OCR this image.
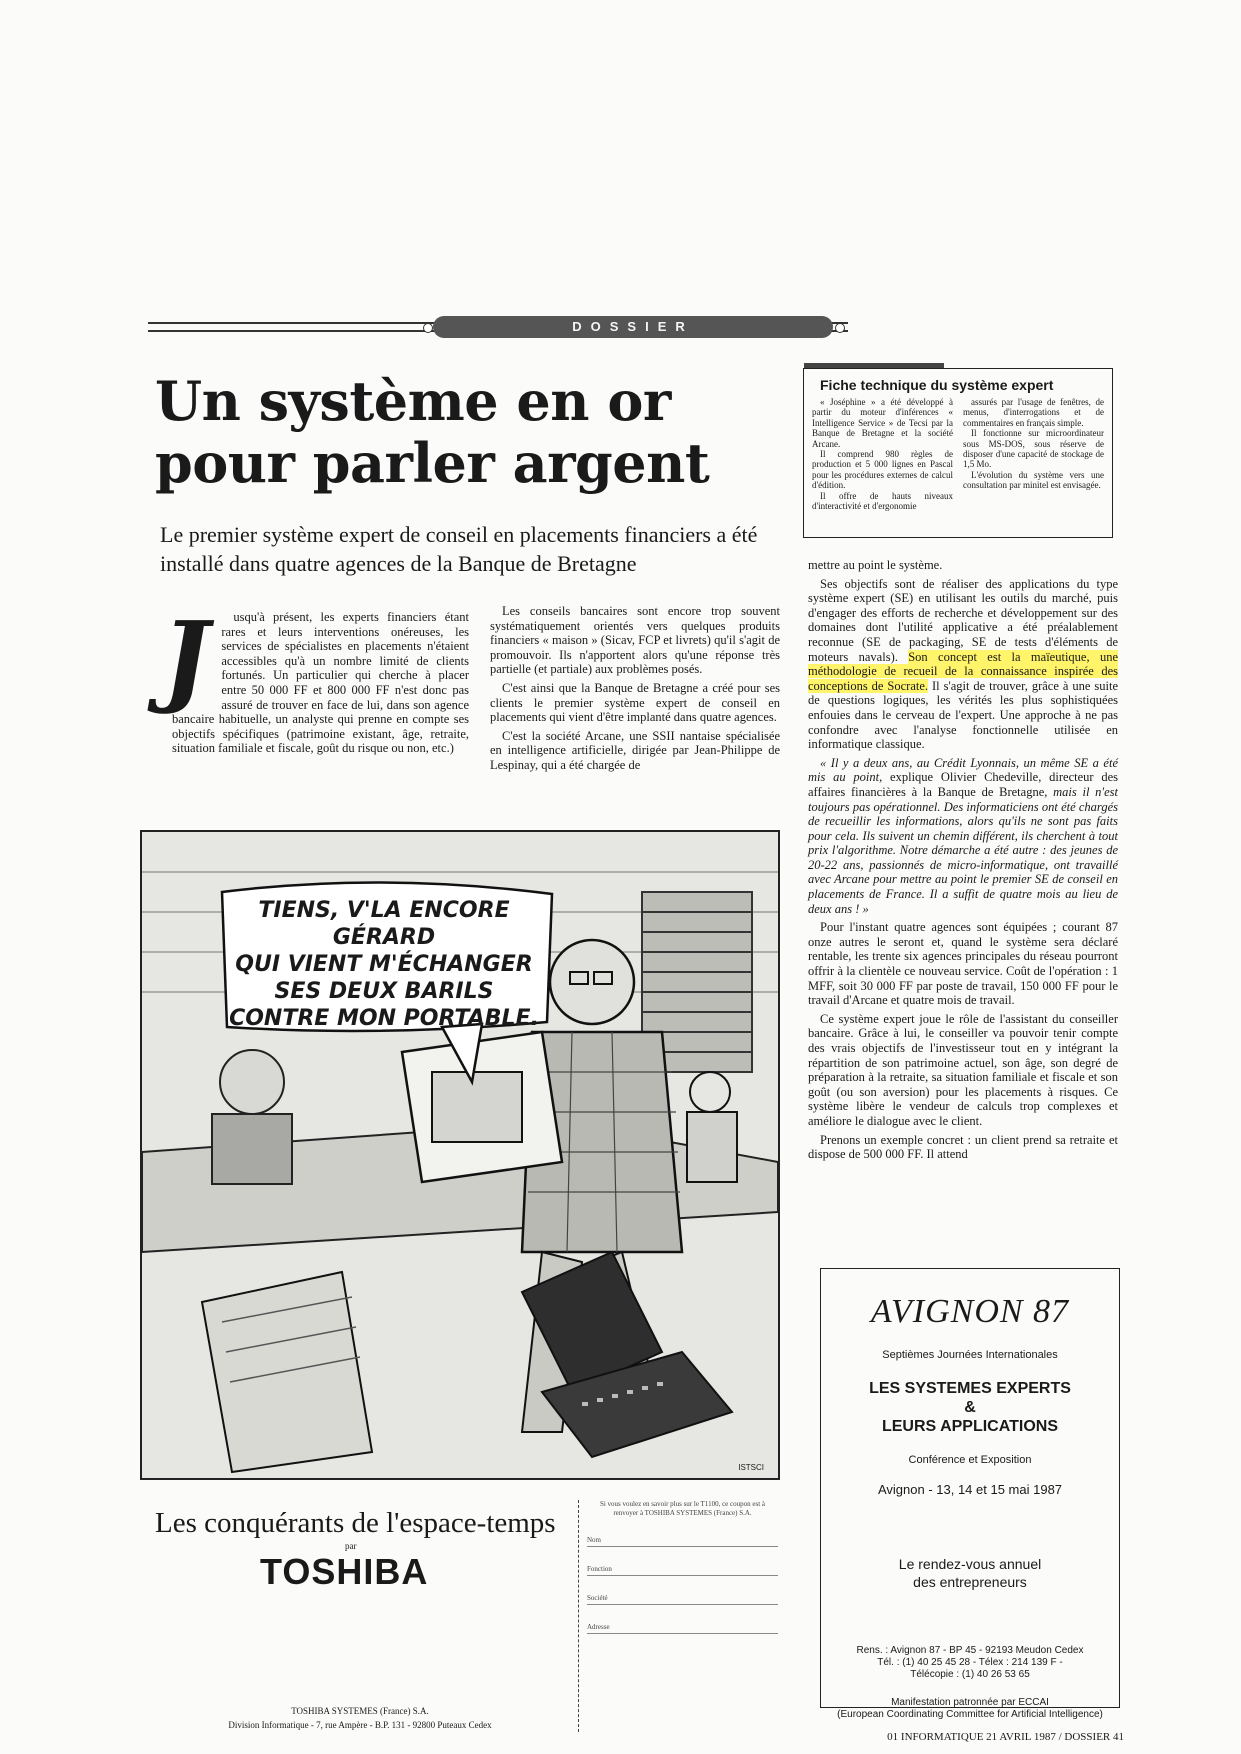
DOSSIER
Un système en or
pour parler argent
Le premier système expert de conseil en placements financiers a été installé dans quatre agences de la Banque de Bretagne
Fiche technique du système expert

« Joséphine » a été développé à partir du moteur d'inférences « Intelligence Service » de Tecsi par la Banque de Bretagne et la société Arcane.

Il comprend 980 règles de production et 5 000 lignes en Pascal pour les procédures externes de calcul d'édition.

Il offre de hauts niveaux d'interactivité et d'ergonomie

assurés par l'usage de fenêtres, de menus, d'interrogations et de commentaires en français simple.

Il fonctionne sur microordinateur sous MS-DOS, sous réserve de disposer d'une capacité de stockage de 1,5 Mo.

L'évolution du système vers une consultation par minitel est envisagée.

J usqu'à présent, les experts financiers étant rares et leurs interventions onéreuses, les services de spécialistes en placements n'étaient accessibles qu'à un nombre limité de clients fortunés. Un particulier qui cherche à placer entre 50 000 FF et 800 000 FF n'est donc pas assuré de trouver en face de lui, dans son agence bancaire habituelle, un analyste qui prenne en compte ses objectifs spécifiques (patrimoine existant, âge, retraite, situation familiale et fiscale, goût du risque ou non, etc.)

Les conseils bancaires sont encore trop souvent systématiquement orientés vers quelques produits financiers « maison » (Sicav, FCP et livrets) qu'il s'agit de promouvoir. Ils n'apportent alors qu'une réponse très partielle (et partiale) aux problèmes posés.

C'est ainsi que la Banque de Bretagne a créé pour ses clients le premier système expert de conseil en placements qui vient d'être implanté dans quatre agences.

C'est la société Arcane, une SSII nantaise spécialisée en intelligence artificielle, dirigée par Jean-Philippe de Lespinay, qui a été chargée de

mettre au point le système.

Ses objectifs sont de réaliser des applications du type système expert (SE) en utilisant les outils du marché, puis d'engager des efforts de recherche et développement sur des domaines dont l'utilité applicative a été préalablement reconnue (SE de packaging, SE de tests d'éléments de moteurs navals). Son concept est la maïeutique, une méthodologie de recueil de la connaissance inspirée des conceptions de Socrate. Il s'agit de trouver, grâce à une suite de questions logiques, les vérités les plus sophistiquées enfouies dans le cerveau de l'expert. Une approche à ne pas confondre avec l'analyse fonctionnelle utilisée en informatique classique.

« Il y a deux ans, au Crédit Lyonnais, un même SE a été mis au point, explique Olivier Chedeville, directeur des affaires financières à la Banque de Bretagne, mais il n'est toujours pas opérationnel. Des informaticiens ont été chargés de recueillir les informations, alors qu'ils ne sont pas faits pour cela. Ils suivent un chemin différent, ils cherchent à tout prix l'algorithme. Notre démarche a été autre : des jeunes de 20-22 ans, passionnés de micro-informatique, ont travaillé avec Arcane pour mettre au point le premier SE de conseil en placements de France. Il a suffit de quatre mois au lieu de deux ans ! »

Pour l'instant quatre agences sont équipées ; courant 87 onze autres le seront et, quand le système sera déclaré rentable, les trente six agences principales du réseau pourront offrir à la clientèle ce nouveau service. Coût de l'opération : 1 MFF, soit 30 000 FF par poste de travail, 150 000 FF pour le travail d'Arcane et quatre mois de travail.

Ce système expert joue le rôle de l'assistant du conseiller bancaire. Grâce à lui, le conseiller va pouvoir tenir compte des vrais objectifs de l'investisseur tout en y intégrant la répartition de son patrimoine actuel, son âge, son degré de préparation à la retraite, sa situation familiale et fiscale et son goût (ou son aversion) pour les placements à risques. Ce système libère le vendeur de calculs trop complexes et améliore le dialogue avec le client.

Prenons un exemple concret : un client prend sa retraite et dispose de 500 000 FF. Il attend

TIENS, V'LA ENCORE GÉRARD
QUI VIENT M'ÉCHANGER
SES DEUX BARILS
CONTRE MON PORTABLE.
ISTSCI
Les conquérants de l'espace-temps
par
TOSHIBA
TOSHIBA SYSTEMES (France) S.A.
Division Informatique - 7, rue Ampère - B.P. 131 - 92800 Puteaux Cedex
Si vous voulez en savoir plus sur le T1100, ce coupon est à renvoyer à TOSHIBA SYSTEMES (France) S.A.
Nom
Fonction
Société
Adresse
AVIGNON 87
Septièmes Journées Internationales
LES SYSTEMES EXPERTS
&
LEURS APPLICATIONS
Conférence et Exposition
Avignon - 13, 14 et 15 mai 1987
Le rendez-vous annuel
des entrepreneurs
Rens. : Avignon 87 - BP 45 - 92193 Meudon Cedex
Tél. : (1) 40 25 45 28 - Télex : 214 139 F -
Télécopie : (1) 40 26 53 65
Manifestation patronnée par ECCAI
(European Coordinating Committee for Artificial Intelligence)
01 INFORMATIQUE 21 AVRIL 1987 / DOSSIER 41
